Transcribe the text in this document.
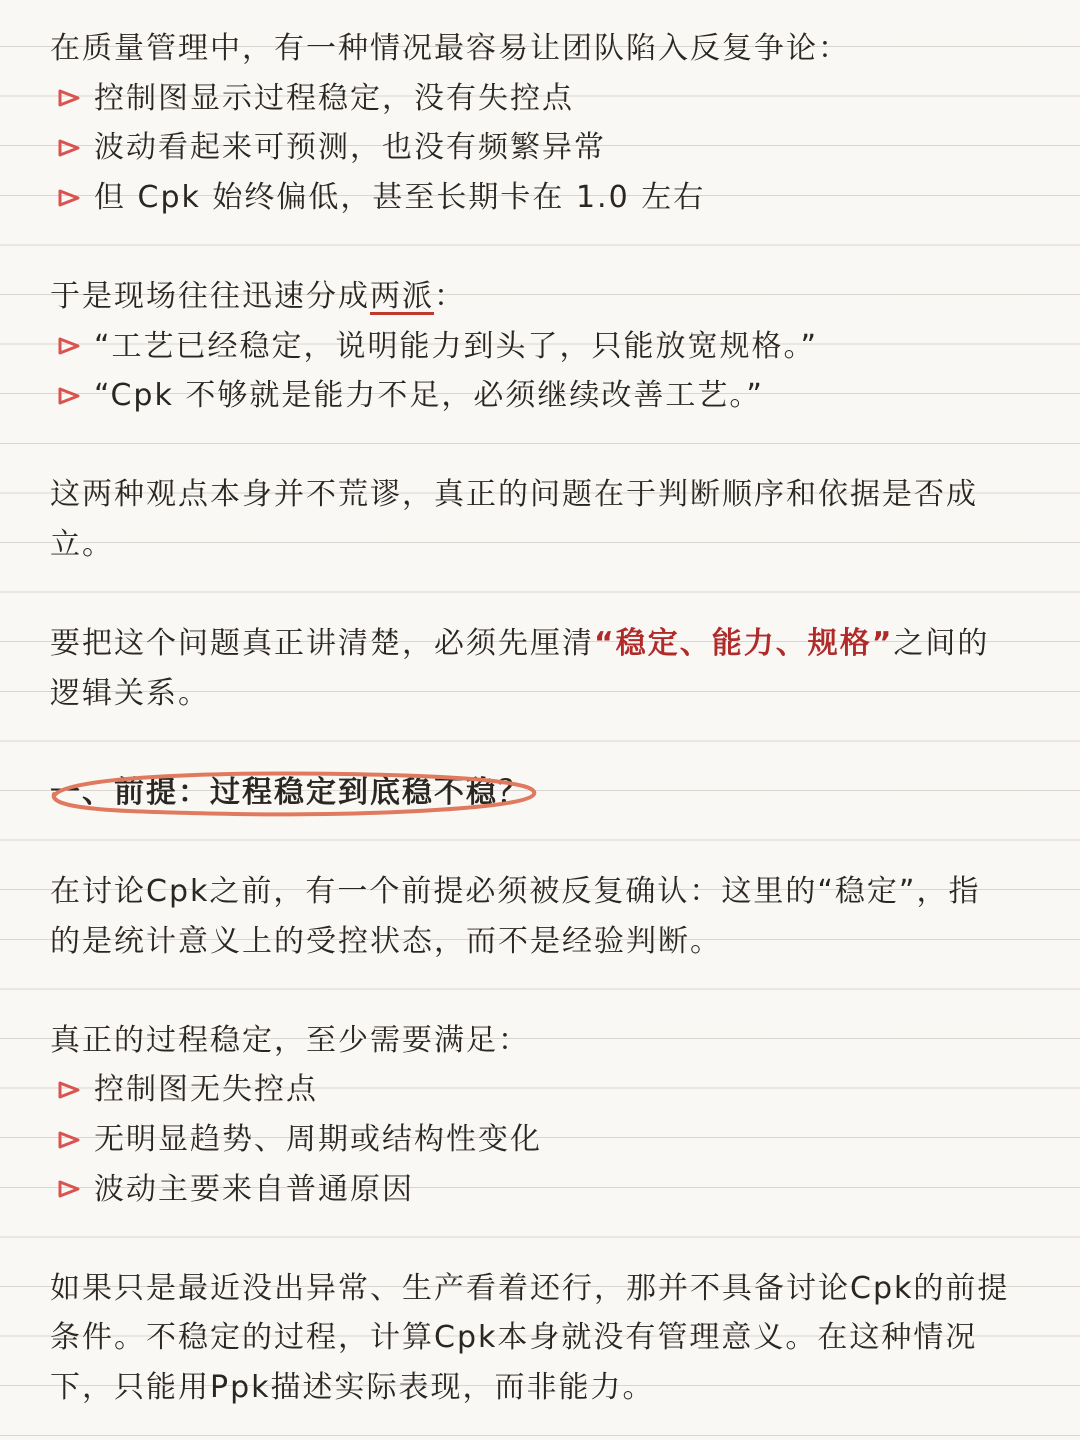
在质量管理中，有一种情况最容易让团队陷入反复争论：
控制图显示过程稳定，没有失控点
波动看起来可预测，也没有频繁异常
但 Cpk 始终偏低，甚至长期卡在 1.0 左右
于是现场往往迅速分成两派：
“工艺已经稳定，说明能力到头了，只能放宽规格。”
“Cpk 不够就是能力不足，必须继续改善工艺。”
这两种观点本身并不荒谬，真正的问题在于判断顺序和依据是否成
立。
要把这个问题真正讲清楚，必须先厘清“稳定、能力、规格”之间的
逻辑关系。
一、前提：过程稳定到底稳不稳？
在讨论Cpk之前，有一个前提必须被反复确认：这里的“稳定”，指
的是统计意义上的受控状态，而不是经验判断。
真正的过程稳定，至少需要满足：
控制图无失控点
无明显趋势、周期或结构性变化
波动主要来自普通原因
如果只是最近没出异常、生产看着还行，那并不具备讨论Cpk的前提
条件。不稳定的过程，计算Cpk本身就没有管理意义。在这种情况
下，只能用Ppk描述实际表现，而非能力。
